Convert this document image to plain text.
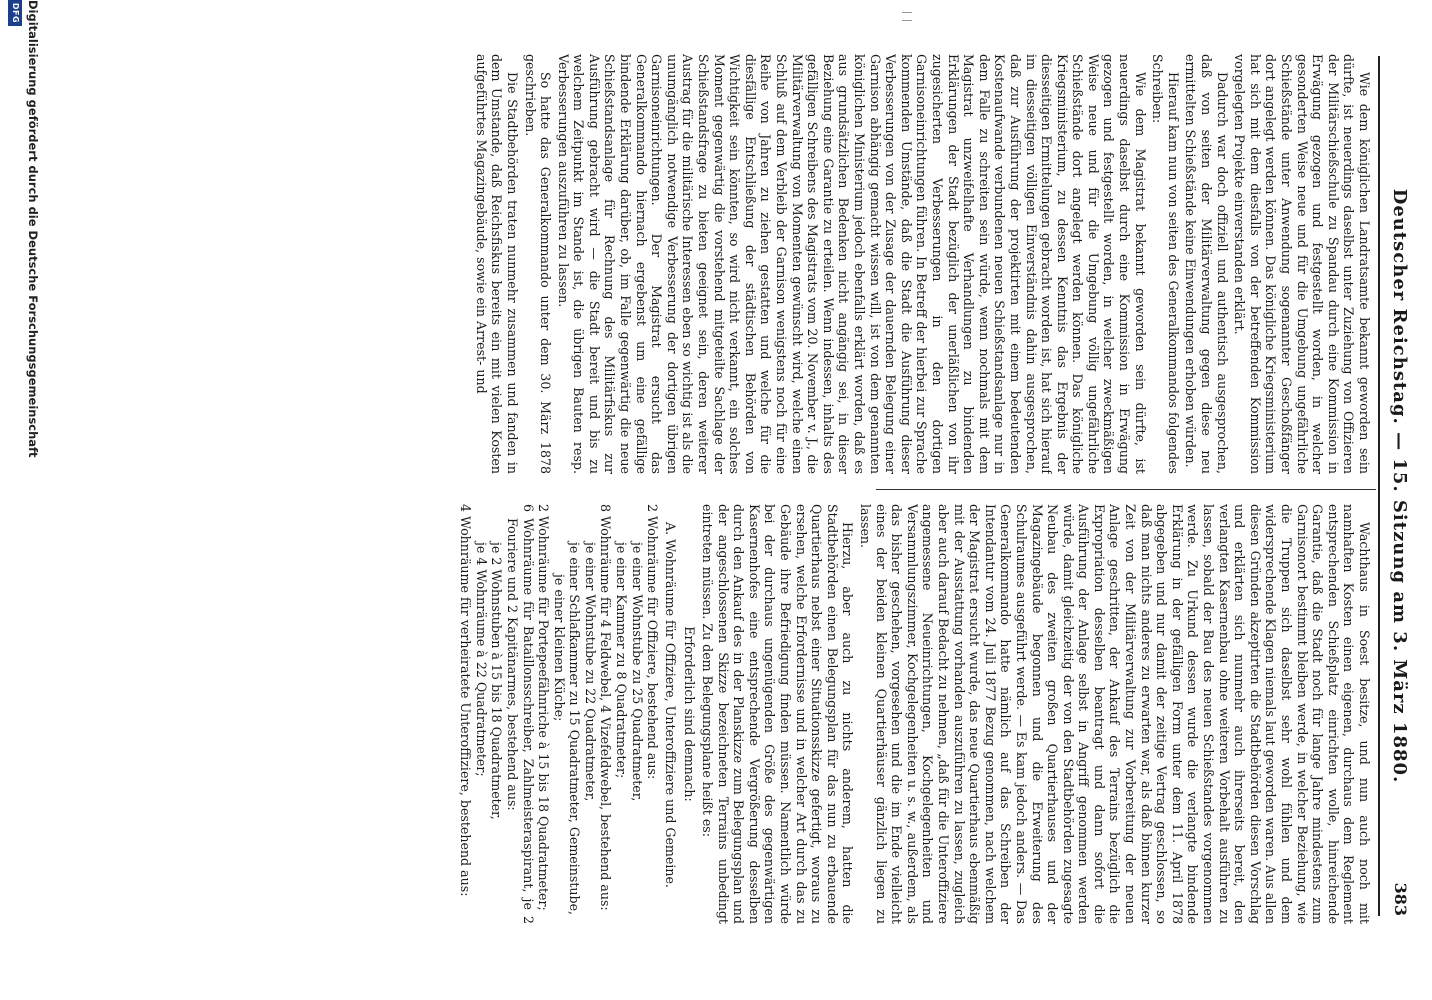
Deutscher Reichstag. — 15. Sitzung am 3. März 1880.
383

Wie dem königlichen Landratsamte bekannt geworden sein dürfte, ist neuerdings daselbst unter Zuziehung von Offizieren der Militärschießschule zu Spandau durch eine Kommission in Erwägung gezogen und festgestellt worden, in welcher gesonderten Weise neue und für die Umgebung ungefährliche Schießstände unter Anwendung sogenannter Geschoßfänger dort angelegt werden können. Das königliche Kriegsministerium hat sich mit dem diesfalls von der betreffenden Kommission vorgelegten Projekte einverstanden erklärt.

Dadurch war doch offiziell und authentisch ausgesprochen, daß von seiten der Militärverwaltung gegen diese neu ermittelten Schießstände keine Einwendungen erhoben würden.

Hierauf kam nun von seiten des Generalkommandos folgendes Schreiben:

Wie dem Magistrat bekannt geworden sein dürfte, ist neuerdings daselbst durch eine Kommission in Erwägung gezogen und festgestellt worden, in welcher zweckmäßigen Weise neue und für die Umgebung völlig ungefährliche Schießstände dort angelegt werden können. Das königliche Kriegsministerium, zu dessen Kenntnis das Ergebnis der diesseitigen Ermittelungen gebracht worden ist, hat sich hierauf im diesseitigen völligen Einverständnis dahin ausgesprochen, daß zur Ausführung der projektirten mit einem bedeutenden Kostenaufwande verbundenen neuen Schießstandsanlage nur in dem Falle zu schreiten sein würde, wenn nochmals mit dem Magistrat unzweifelhafte Verhandlungen zu bindenden Erklärungen der Stadt bezüglich der unerläßlichen von ihr zugesicherten Verbesserungen in den dortigen Garnisoneinrichtungen führen. In Betreff der hierbei zur Sprache kommenden Umstände, daß die Stadt die Ausführung dieser Verbesserungen von der Zusage der dauernden Belegung einer Garnison abhängig gemacht wissen will, ist von dem genannten königlichen Ministerium jedoch ebenfalls erklärt worden, daß es aus grundsätzlichen Bedenken nicht angängig sei, in dieser Beziehung eine Garantie zu erteilen. Wenn indessen, inhalts des gefälligen Schreibens des Magistrats vom 20. November v. J., die Militärverwaltung von Momenten gewünscht wird, welche einen Schluß auf dem Verbleib der Garnison wenigstens noch für eine Reihe von Jahren zu ziehen gestatten und welche für die diesfällige Entschließung der städtischen Behörden von Wichtigkeit sein könnten, so wird nicht verkannt, ein solches Moment gegenwärtig die vorstehend mitgeteilte Sachlage der Schießstandsfrage zu bieten geeignet sein, deren weiterer Austrag für die militärische Interessen eben so wichtig ist als die unumgänglich notwendige Verbesserung der dortigen übrigen Garnisoneinrichtungen. Der Magistrat ersucht das Generalkommando hiernach ergebenst um eine gefällige bindende Erklärung darüber, ob, im Falle gegenwärtig die neue Schießstandsanlage für Rechnung des Militärfiskus zur Ausführung gebracht wird — die Stadt bereit und bis zu welchem Zeitpunkt im Stande ist, die übrigen Bauten resp. Verbesserungen auszuführen zu lassen.

So hatte das Generalkommando unter dem 30. März 1878 geschrieben.

Die Stadtbehörden traten nunmehr zusammen und fanden in dem Umstande, daß Reichsfiskus bereits ein mit vielen Kosten aufgeführtes Magazingebäude, sowie ein Arrest- und

Wachthaus in Soest besitze, und nun auch noch mit namhaften Kosten einen eigenen, durchaus dem Reglement entsprechenden Schießplatz einrichten wolle, hinreichende Garantie, daß die Stadt noch für lange Jahre mindestens zum Garnisonort bestimmt bleiben werde, in welcher Beziehung, wie die Truppen sich daselbst sehr wohl fühlen und dem widersprechende Klagen niemals laut geworden waren. Aus allen diesen Gründen akzeptirten die Stadtbehörden diesen Vorschlag und erklärten sich nunmehr auch ihrerseits bereit, den verlangten Kasernenbau ohne weiteren Vorbehalt ausführen zu lassen, sobald der Bau des neuen Schießstandes vorgenommen werde. Zu Urkund dessen wurde die verlangte bindende Erklärung in der gefälligen Form unter dem 11. April 1878 abgegeben und nur damit der zeitige Vertrag geschlossen, so daß man nichts anderes zu erwarten war, als daß binnen kurzer Zeit von der Militärverwaltung zur Vorbereitung der neuen Anlage geschritten, der Ankauf des Terrains bezüglich die Expropriation desselben beantragt und dann sofort die Ausführung der Anlage selbst in Angriff genommen werden würde, damit gleichzeitig der von den Stadtbehörden zugesagte Neubau des zweiten großen Quartierhauses und der Magazingebäude begonnen und die Erweiterung des Schulraumes ausgeführt werde. — Es kam jedoch anders. — Das Generalkommando hatte nämlich auf das Schreiben der Intendantur vom 24. Juli 1877 Bezug genommen, nach welchem der Magistrat ersucht wurde, das neue Quartierhaus ebenmäßig mit der Ausstattung vorhanden auszuführen zu lassen, zugleich aber auch darauf Bedacht zu nehmen, „daß für die Unteroffiziere angemessene Neueinrichtungen, Kochgelegenheiten und Versammlungszimmer, Kochgelegenheiten u. s. w., außerdem, als das bisher geschehen, vorgesehen und die im Ende vielleicht eines der beiden kleinen Quartierhäuser gänzlich liegen zu lassen.

Hierzu, aber auch zu nichts anderem, hatten die Stadtbehörden einen Belegungsplan für das nun zu erbauende Quartierhaus nebst einer Situationsskizze gefertigt, woraus zu ersehen, welche Erfordernisse und in welcher Art durch das zu Gebäude ihre Befriedigung finden müssen. Namentlich würde bei der durchaus ungenügenden Größe des gegenwärtigen Kasernenhofes eine entsprechende Vergrößerung desselben durch den Ankauf des in der Planskizze zum Belegungsplan und der angeschlossenen Skizze bezeichneten Terrains unbedingt eintreten müssen. Zu dem Belegungsplane heißt es:

Erforderlich sind demnach:

A. Wohnräume für Offiziere, Unteroffiziere und Gemeine.

2 Wohnräume für Offiziere, bestehend aus:

je einer Wohnstube zu 25 Quadratmeter,

je einer Kammer zu 8 Quadratmeter;

8 Wohnräume für 4 Feldwebel, 4 Vizefeldwebel, bestehend aus:

je einer Wohnstube zu 22 Quadratmeter,

je einer Schlafkammer zu 15 Quadratmeter, Gemeinstube,

je einer kleinen Küche;

2 Wohnräume für Portepeefähnriche à 15 bis 18 Quadratmeter;

6 Wohnräume für Bataillonsschreiber, Zahlmeisteraspirant, je 2 Fouriere und 2 Kapitänarmes, bestehend aus:

je 2 Wohnstuben à 15 bis 18 Quadratmeter,

je 4 Wohnräume à 22 Quadratmeter;

4 Wohnräume für verheiratete Unteroffiziere, bestehend aus:

Digitalisierung gefördert durch die Deutsche Forschungsgemeinschaft
DFG
